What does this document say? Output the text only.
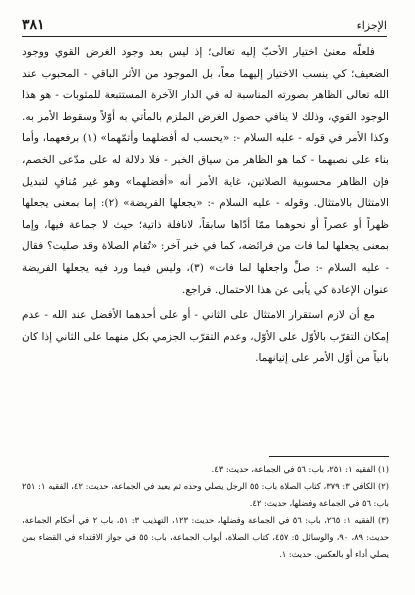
الإجزاء
٣٨١

فلعلّه معنىٰ اختيار الأحبّ إليه تعالى؛ إذ ليس بعد وجود الغرض القوي ووجود الضعيف؛ كي ينسب الاختيار إليهما معاً، بل الموجود من الأثر الباقي - المحبوب عند الله تعالى الظاهر بصورته المناسبة له في الدار الآخرة المستتبعة للمثوبات - هو هذا الوجود القوي، وذلك لا ينافي حصول الغرض الملزم بالمأتي به أوّلاً وسقوط الأمر به. وكذا الأمر في قوله - عليه السلام -: «يحسب له أفضلهما وأتمّهما» (١) برفعهما، وأما بناء على نصبهما - كما هو الظاهر من سياق الخبر - فلا دلالة له على مدّعى الخصم، فإن الظاهر محسوبية الصلاتين، غاية الأمر أنه «أفضلهما» وهو غير مُنافٍ لتبديل الامتثال بالامتثال. وقوله - عليه السلام -: «يجعلها الفريضة» (٢): إما بمعنى يجعلها ظهراً أو عصراً أو نحوهما ممّا أدّاها سابقاً، لانافلة ذاتية؛ حيث لا جماعة فيها، وإما بمعنى يجعلها لما فات من فرائضه، كما في خبر آخر: «تُقام الصلاة وقد صليت؟ فقال - عليه السلام -: صلِّ واجعلها لما فات» (٣)، وليس فيما ورد فيه يجعلها الفريضة عنوان الإعادة كي يأبى عن هذا الاحتمال. فراجع.

مع أن لازم استقرار الامتثال على الثاني - أو على أحدهما الأفضل عند الله - عدم إمكان التقرّب بالأوّل على الأوّل، وعدم التقرّب الجزمي بكل منهما على الثاني إذا كان بانياً من أوّل الأمر على إتيانهما.

(١) الفقيه ١: ٢٥١، باب: ٥٦ في الجماعة، حديث: ٤٣.

(٢) الكافي ٣: ٣٧٩، كتاب الصلاة باب: ٥٥ الرجل يصلي وحده ثم يعيد في الجماعة، حديث: ٤٢، الفقيه ١: ٢٥١ باب: ٥٦ في الجماعة وفضلها، حديث: ٤٢.

(٣) الفقيه ١: ٢٦٥، باب: ٥٦ في الجماعة وفضلها، حديث: ١٢٣، التهذيب ٣: ٥١، باب ٢ في أحكام الجماعة، حديث: ٨٩، ٩٠، والوسائل ٥: ٤٥٧، كتاب الصلاة، أبواب الجماعة، باب: ٥٥ في جواز الاقتداء في القضاء بمن يصلي أداء أو بالعكس. حديث: ١.
